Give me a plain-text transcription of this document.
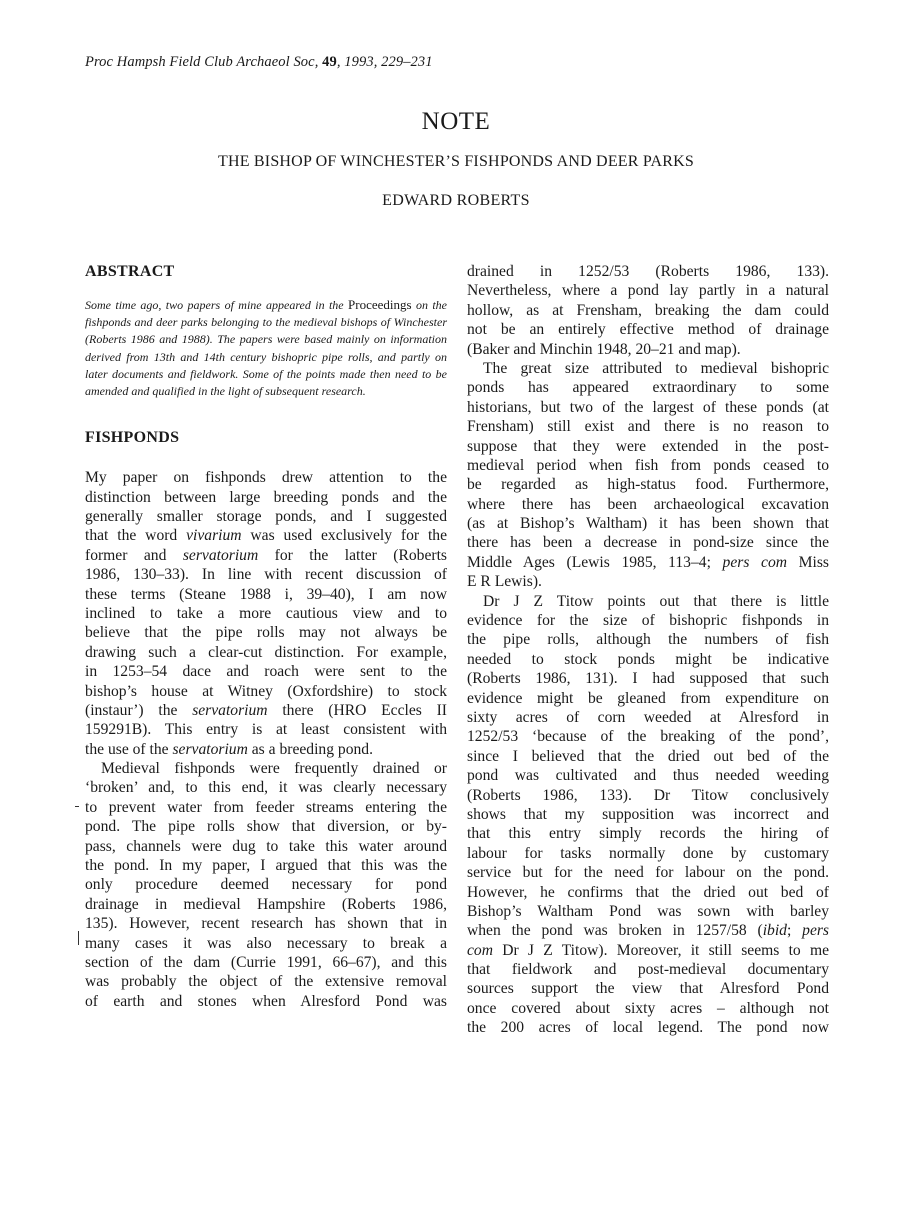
Proc Hampsh Field Club Archaeol Soc, 49, 1993, 229–231
NOTE
THE BISHOP OF WINCHESTER’S FISHPONDS AND DEER PARKS
EDWARD ROBERTS
ABSTRACT

Some time ago, two papers of mine appeared in the Proceedings on the fishponds and deer parks belonging to the medieval bishops of Winchester (Roberts 1986 and 1988). The papers were based mainly on information derived from 13th and 14th century bishopric pipe rolls, and partly on later documents and fieldwork. Some of the points made then need to be amended and qualified in the light of subsequent research.

FISHPONDS
My paper on fishponds drew attention to the
distinction between large breeding ponds and the
generally smaller storage ponds, and I suggested
that the word vivarium was used exclusively for the
former and servatorium for the latter (Roberts
1986, 130–33). In line with recent discussion of
these terms (Steane 1988 i, 39–40), I am now
inclined to take a more cautious view and to
believe that the pipe rolls may not always be
drawing such a clear-cut distinction. For example,
in 1253–54 dace and roach were sent to the
bishop’s house at Witney (Oxfordshire) to stock
(instaur’) the servatorium there (HRO Eccles II
159291B). This entry is at least consistent with
the use of the servatorium as a breeding pond.
Medieval fishponds were frequently drained or
‘broken’ and, to this end, it was clearly necessary
to prevent water from feeder streams entering the
pond. The pipe rolls show that diversion, or by-
pass, channels were dug to take this water around
the pond. In my paper, I argued that this was the
only procedure deemed necessary for pond
drainage in medieval Hampshire (Roberts 1986,
135). However, recent research has shown that in
many cases it was also necessary to break a
section of the dam (Currie 1991, 66–67), and this
was probably the object of the extensive removal
of earth and stones when Alresford Pond was
drained in 1252/53 (Roberts 1986, 133).
Nevertheless, where a pond lay partly in a natural
hollow, as at Frensham, breaking the dam could
not be an entirely effective method of drainage
(Baker and Minchin 1948, 20–21 and map).
The great size attributed to medieval bishopric
ponds has appeared extraordinary to some
historians, but two of the largest of these ponds (at
Frensham) still exist and there is no reason to
suppose that they were extended in the post-
medieval period when fish from ponds ceased to
be regarded as high-status food. Furthermore,
where there has been archaeological excavation
(as at Bishop’s Waltham) it has been shown that
there has been a decrease in pond-size since the
Middle Ages (Lewis 1985, 113–4; pers com Miss
E R Lewis).
Dr J Z Titow points out that there is little
evidence for the size of bishopric fishponds in
the pipe rolls, although the numbers of fish
needed to stock ponds might be indicative
(Roberts 1986, 131). I had supposed that such
evidence might be gleaned from expenditure on
sixty acres of corn weeded at Alresford in
1252/53 ‘because of the breaking of the pond’,
since I believed that the dried out bed of the
pond was cultivated and thus needed weeding
(Roberts 1986, 133). Dr Titow conclusively
shows that my supposition was incorrect and
that this entry simply records the hiring of
labour for tasks normally done by customary
service but for the need for labour on the pond.
However, he confirms that the dried out bed of
Bishop’s Waltham Pond was sown with barley
when the pond was broken in 1257/58 (ibid; pers
com Dr J Z Titow). Moreover, it still seems to me
that fieldwork and post-medieval documentary
sources support the view that Alresford Pond
once covered about sixty acres – although not
the 200 acres of local legend. The pond now
